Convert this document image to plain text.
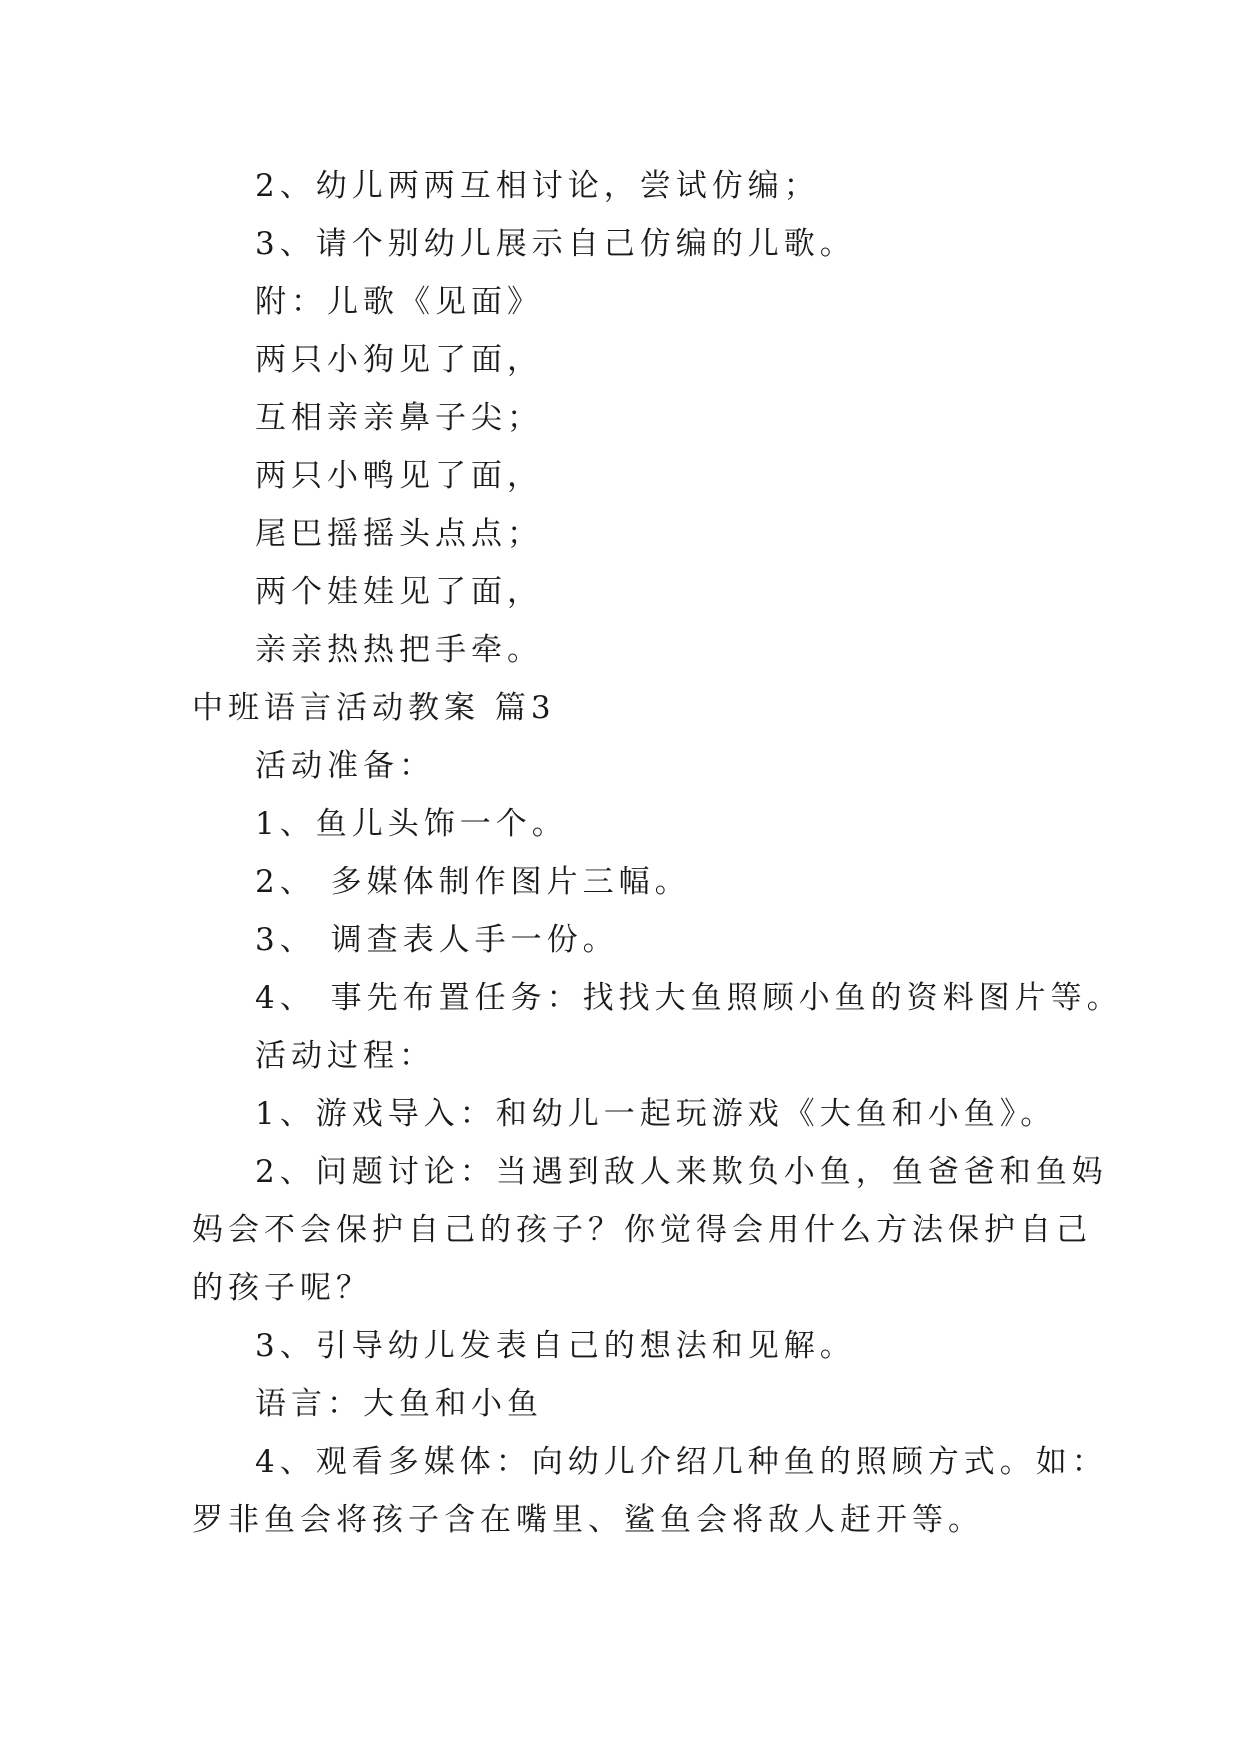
2、幼儿两两互相讨论，尝试仿编；
3、请个别幼儿展示自己仿编的儿歌。
附：儿歌《见面》
两只小狗见了面，
互相亲亲鼻子尖；
两只小鸭见了面，
尾巴摇摇头点点；
两个娃娃见了面，
亲亲热热把手牵。
中班语言活动教案 篇3
活动准备：
1、鱼儿头饰一个。
2、 多媒体制作图片三幅。
3、 调查表人手一份。
4、 事先布置任务：找找大鱼照顾小鱼的资料图片等。
活动过程：
1、游戏导入：和幼儿一起玩游戏《大鱼和小鱼》。
2、问题讨论：当遇到敌人来欺负小鱼，鱼爸爸和鱼妈
妈会不会保护自己的孩子？你觉得会用什么方法保护自己
的孩子呢？
3、引导幼儿发表自己的想法和见解。
语言：大鱼和小鱼
4、观看多媒体：向幼儿介绍几种鱼的照顾方式。如：
罗非鱼会将孩子含在嘴里、鲨鱼会将敌人赶开等。
